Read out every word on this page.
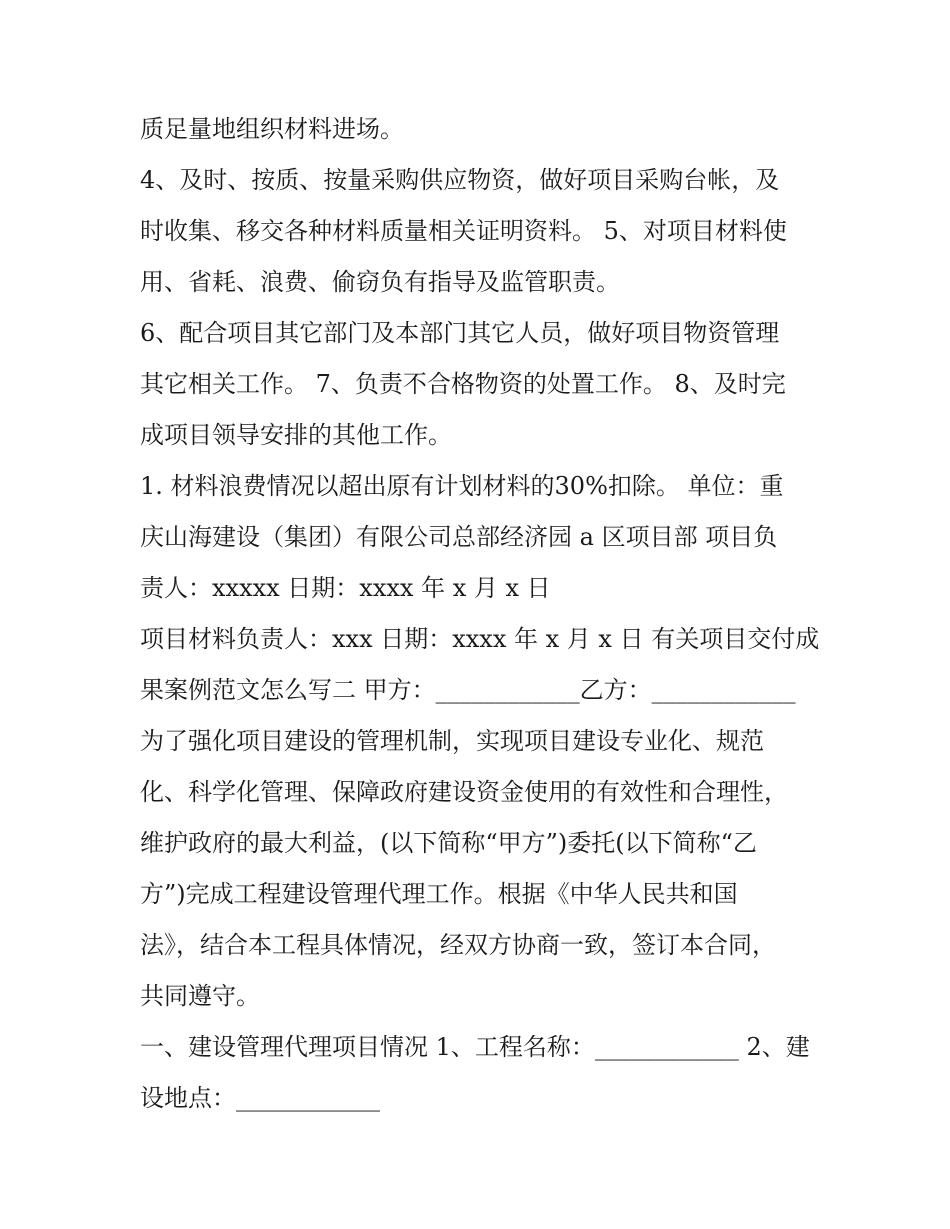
质足量地组织材料进场。
4、及时、按质、按量采购供应物资，做好项目采购台帐，及
时收集、移交各种材料质量相关证明资料。 5、对项目材料使
用、省耗、浪费、偷窃负有指导及监管职责。
6、配合项目其它部门及本部门其它人员，做好项目物资管理
其它相关工作。 7、负责不合格物资的处置工作。 8、及时完
成项目领导安排的其他工作。
1. 材料浪费情况以超出原有计划材料的30%扣除。 单位：重
庆山海建设（集团）有限公司总部经济园 a 区项目部 项目负
责人：xxxxx 日期：xxxx 年 x 月 x 日
项目材料负责人：xxx 日期：xxxx 年 x 月 x 日 有关项目交付成
果案例范文怎么写二 甲方：____________乙方：____________
为了强化项目建设的管理机制，实现项目建设专业化、规范
化、科学化管理、保障政府建设资金使用的有效性和合理性，
维护政府的最大利益，(以下简称“甲方”)委托(以下简称“乙
方”)完成工程建设管理代理工作。根据《中华人民共和国
法》，结合本工程具体情况，经双方协商一致，签订本合同，
共同遵守。
一、建设管理代理项目情况 1、工程名称：____________ 2、建
设地点：____________
